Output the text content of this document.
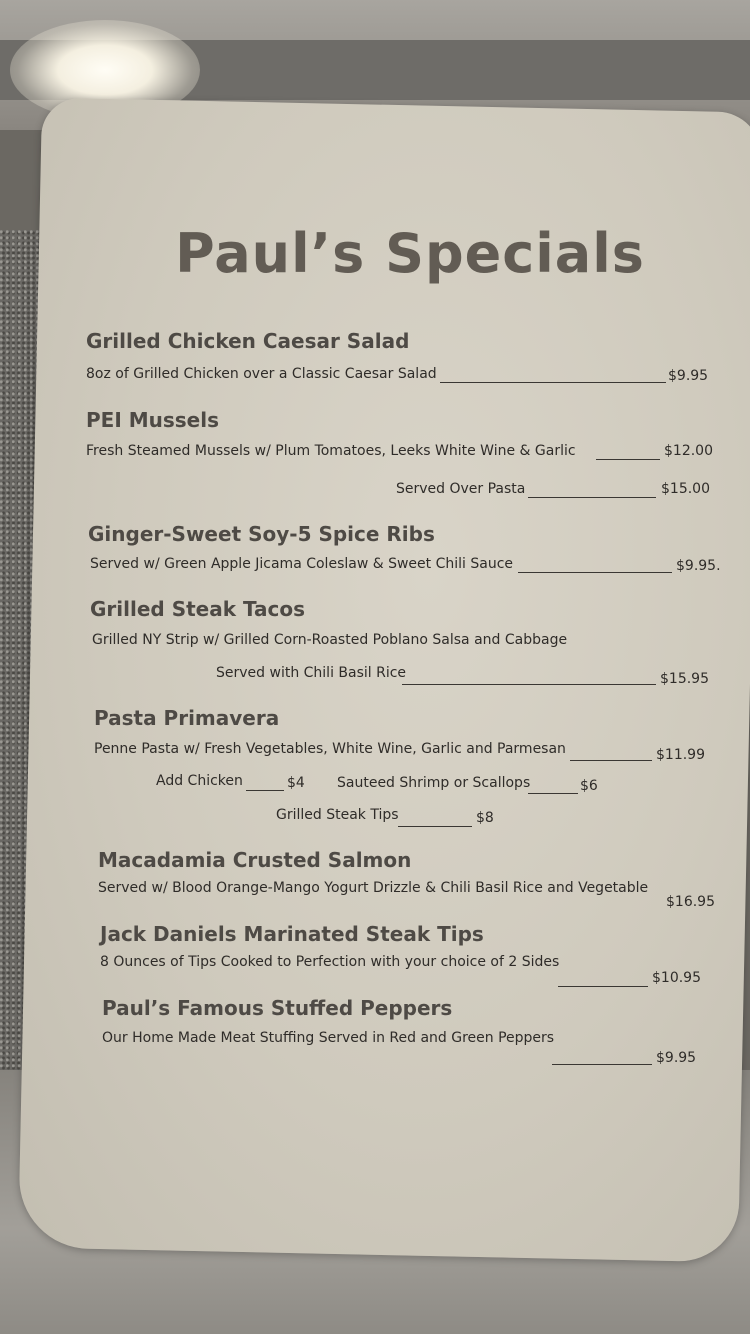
Paul’s Specials
Grilled Chicken Caesar Salad
8oz of Grilled Chicken over a Classic Caesar Salad	$9.95
PEI Mussels
Fresh Steamed Mussels w/ Plum Tomatoes, Leeks White Wine & Garlic	$12.00
Served Over Pasta	$15.00
Ginger-Sweet Soy-5 Spice Ribs
Served w/ Green Apple Jicama Coleslaw & Sweet Chili Sauce	$9.95.
Grilled Steak Tacos
Grilled NY Strip w/ Grilled Corn-Roasted Poblano Salsa and Cabbage
Served with Chili Basil Rice	$15.95
Pasta Primavera
Penne Pasta w/ Fresh Vegetables, White Wine, Garlic and Parmesan	$11.99
Add Chicken	$4 Sauteed Shrimp or Scallops	$6
Grilled Steak Tips	$8
Macadamia Crusted Salmon
Served w/ Blood Orange-Mango Yogurt Drizzle & Chili Basil Rice and Vegetable
$16.95
Jack Daniels Marinated Steak Tips
8 Ounces of Tips Cooked to Perfection with your choice of 2 Sides
$10.95
Paul’s Famous Stuffed Peppers
Our Home Made Meat Stuffing Served in Red and Green Peppers
$9.95
